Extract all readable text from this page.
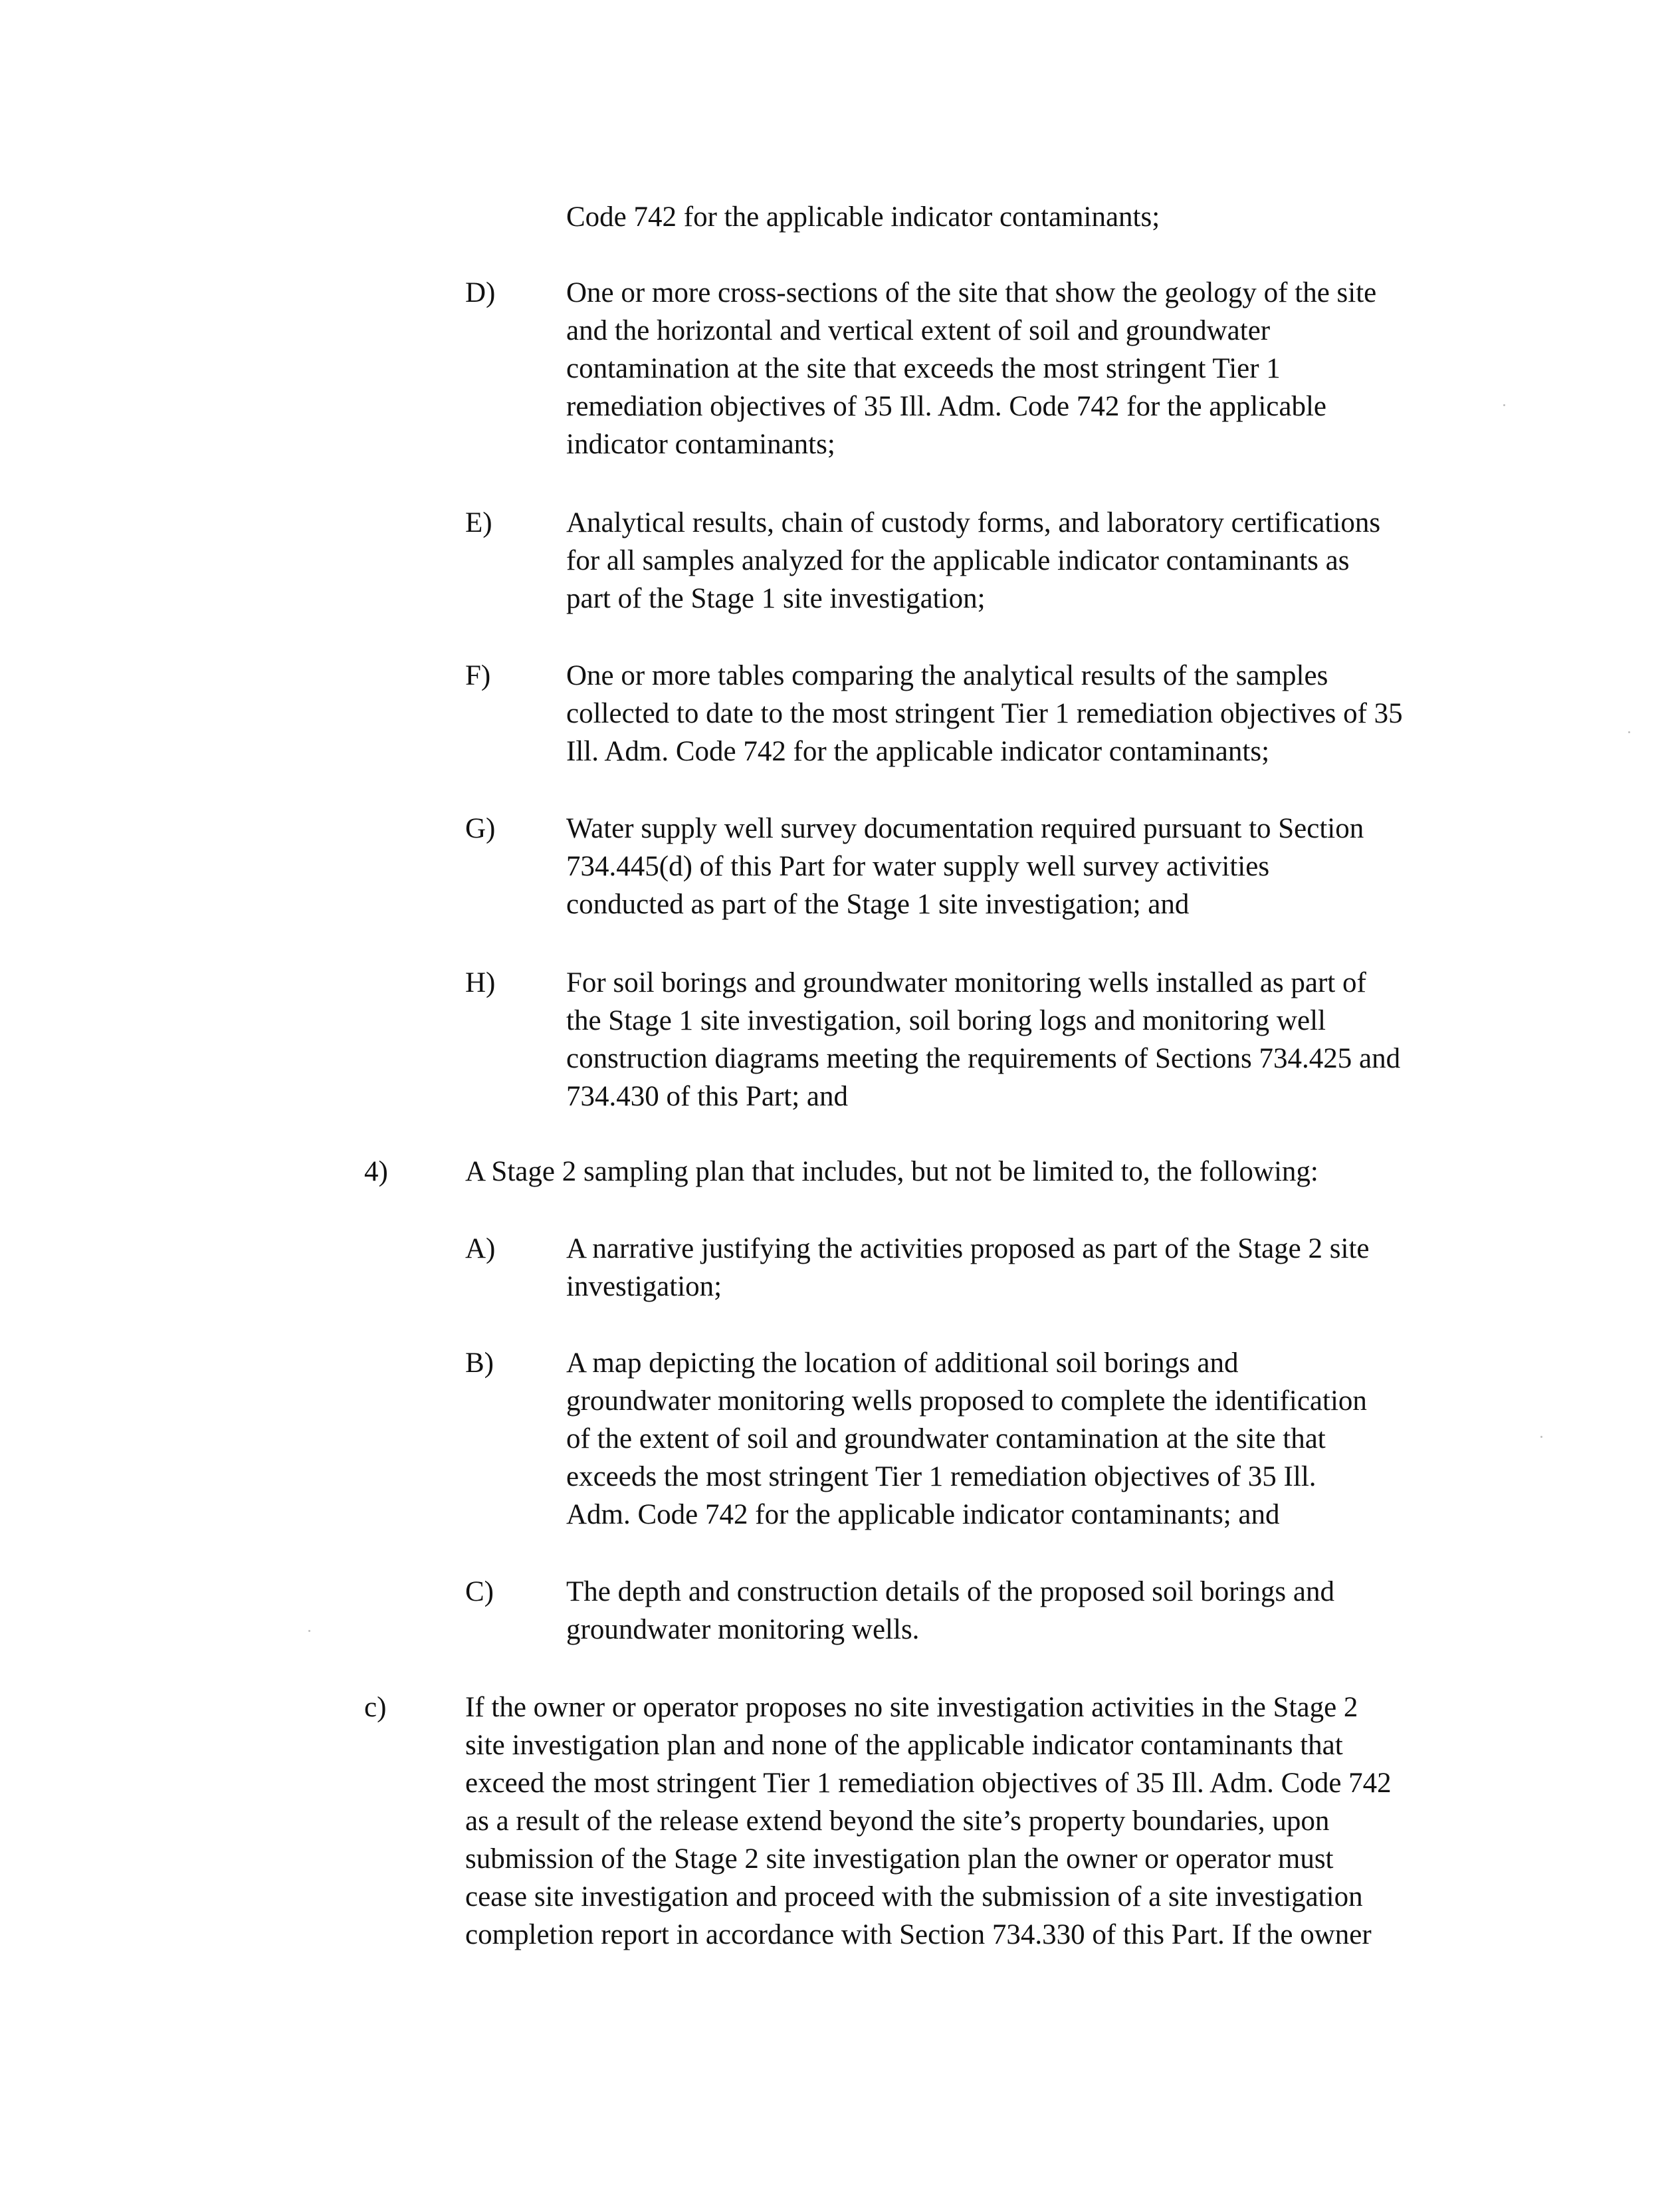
Code 742 for the applicable indicator contaminants;
D) One or more cross-sections of the site that show the geology of the site
and the horizontal and vertical extent of soil and groundwater
contamination at the site that exceeds the most stringent Tier 1
remediation objectives of 35 Ill. Adm. Code 742 for the applicable
indicator contaminants;
E)	Analytical results, chain of custody forms, and laboratory certifications
for all samples analyzed for the applicable indicator contaminants as
part of the Stage 1 site investigation;
F)	One or more tables comparing the analytical results of the samples
collected to date to the most stringent Tier 1 remediation objectives of 35
Ill. Adm. Code 742 for the applicable indicator contaminants;
G) Water supply well survey documentation required pursuant to Section
734.445(d) of this Part for water supply well survey activities
conducted as part of the Stage 1 site investigation; and
H) For soil borings and groundwater monitoring wells installed as part of
the Stage 1 site investigation, soil boring logs and monitoring well
construction diagrams meeting the requirements of Sections 734.425 and
734.430 of this Part; and
4)	A Stage 2 sampling plan that includes, but not be limited to, the following:
A) A narrative justifying the activities proposed as part of the Stage 2 site
investigation;
B)	A map depicting the location of additional soil borings and
groundwater monitoring wells proposed to complete the identification
of the extent of soil and groundwater contamination at the site that
exceeds the most stringent Tier 1 remediation objectives of 35 Ill.
Adm. Code 742 for the applicable indicator contaminants; and
C)	The depth and construction details of the proposed soil borings and
groundwater monitoring wells.
c)	If the owner or operator proposes no site investigation activities in the Stage 2
site investigation plan and none of the applicable indicator contaminants that
exceed the most stringent Tier 1 remediation objectives of 35 Ill. Adm. Code 742
as a result of the release extend beyond the site’s property boundaries, upon
submission of the Stage 2 site investigation plan the owner or operator must
cease site investigation and proceed with the submission of a site investigation
completion report in accordance with Section 734.330 of this Part. If the owner
